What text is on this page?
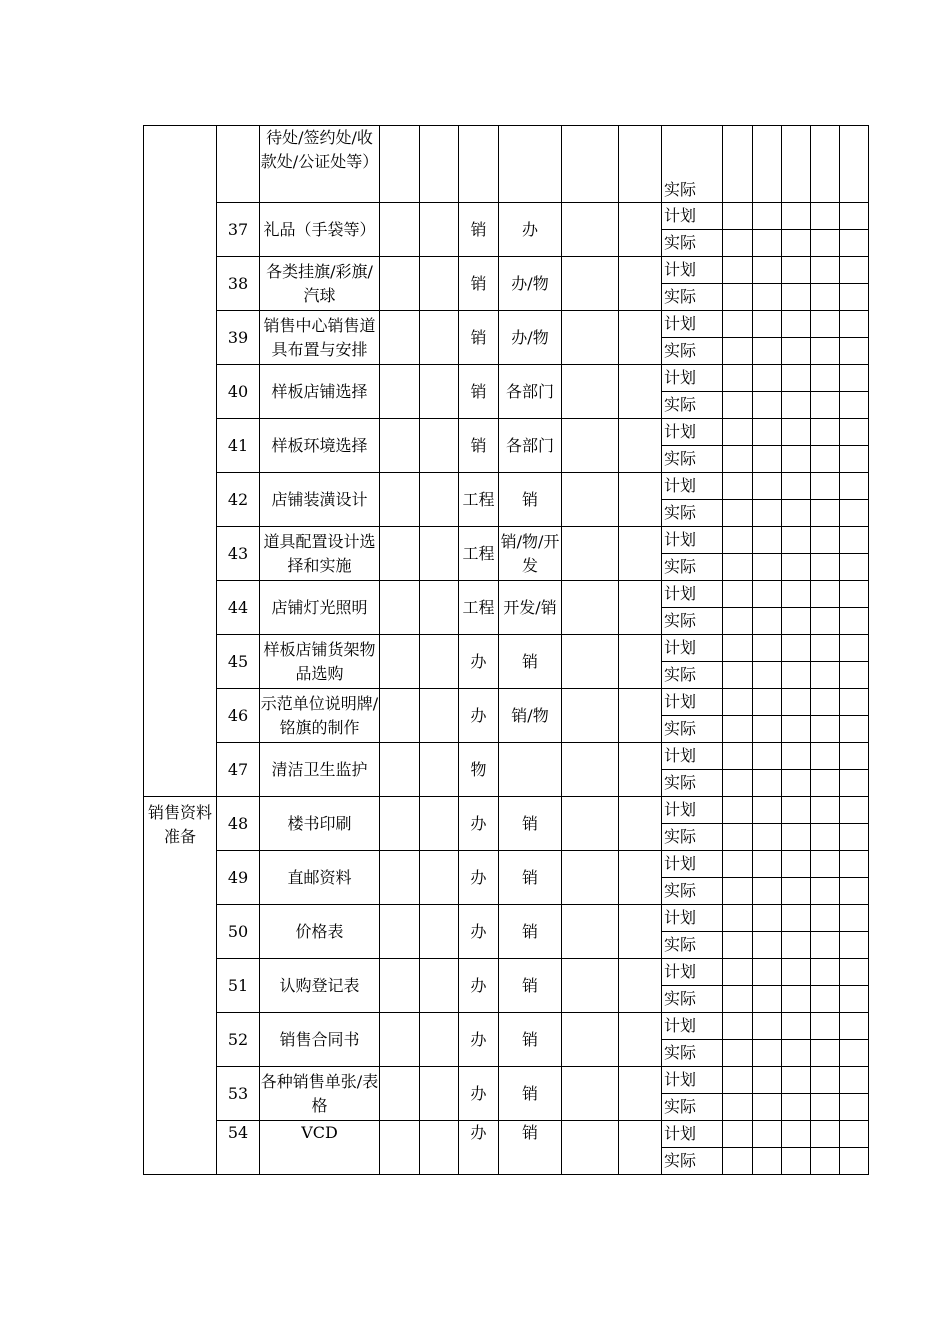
		待处/签约处/收款处/公证处等）							实际					
	37	礼品（手袋等）			销	办			计划					
									实际					
	38	各类挂旗/彩旗/汽球			销	办/物			计划					
									实际					
	39	销售中心销售道具布置与安排			销	办/物			计划					
									实际					
	40	样板店铺选择			销	各部门			计划					
									实际					
	41	样板环境选择			销	各部门			计划					
									实际					
	42	店铺装潢设计			工程	销			计划					
									实际					
	43	道具配置设计选择和实施			工程	销/物/开发			计划					
									实际					
	44	店铺灯光照明			工程	开发/销			计划					
									实际					
	45	样板店铺货架物品选购			办	销			计划					
									实际					
	46	示范单位说明牌/铭旗的制作			办	销/物			计划					
									实际					
	47	清洁卫生监护			物				计划					
									实际					
销售资料准备	48	楼书印刷			办	销			计划					
									实际					
	49	直邮资料			办	销			计划					
									实际					
	50	价格表			办	销			计划					
									实际					
	51	认购登记表			办	销			计划					
									实际					
	52	销售合同书			办	销			计划					
									实际					
	53	各种销售单张/表格			办	销			计划					
									实际					
	54	VCD			办	销			计划					
									实际					
